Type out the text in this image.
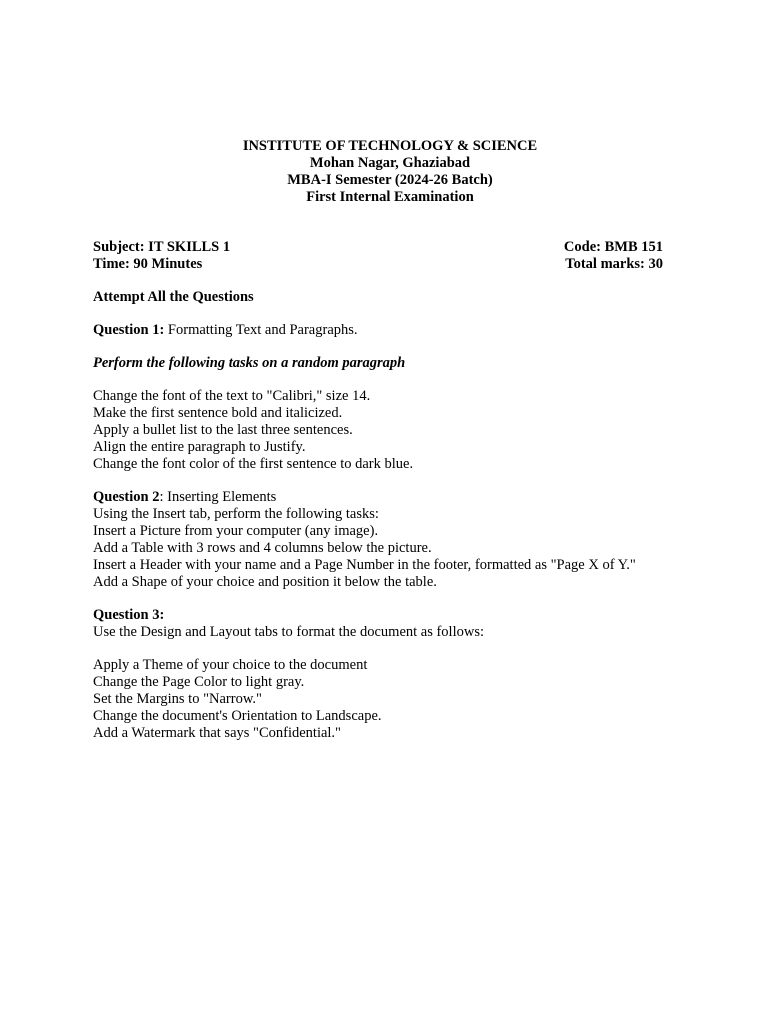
INSTITUTE OF TECHNOLOGY & SCIENCE
Mohan Nagar, Ghaziabad
MBA-I Semester (2024-26 Batch)
First Internal Examination
Subject: IT SKILLS 1	Code: BMB 151
Time: 90 Minutes	Total marks: 30
Attempt All the Questions
Question 1: Formatting Text and Paragraphs.
Perform the following tasks on a random paragraph
Change the font of the text to "Calibri," size 14.
Make the first sentence bold and italicized.
Apply a bullet list to the last three sentences.
Align the entire paragraph to Justify.
Change the font color of the first sentence to dark blue.
Question 2: Inserting Elements
Using the Insert tab, perform the following tasks:
Insert a Picture from your computer (any image).
Add a Table with 3 rows and 4 columns below the picture.
Insert a Header with your name and a Page Number in the footer, formatted as "Page X of Y."
Add a Shape of your choice and position it below the table.
Question 3:
Use the Design and Layout tabs to format the document as follows:
Apply a Theme of your choice to the document
Change the Page Color to light gray.
Set the Margins to "Narrow."
Change the document's Orientation to Landscape.
Add a Watermark that says "Confidential."
